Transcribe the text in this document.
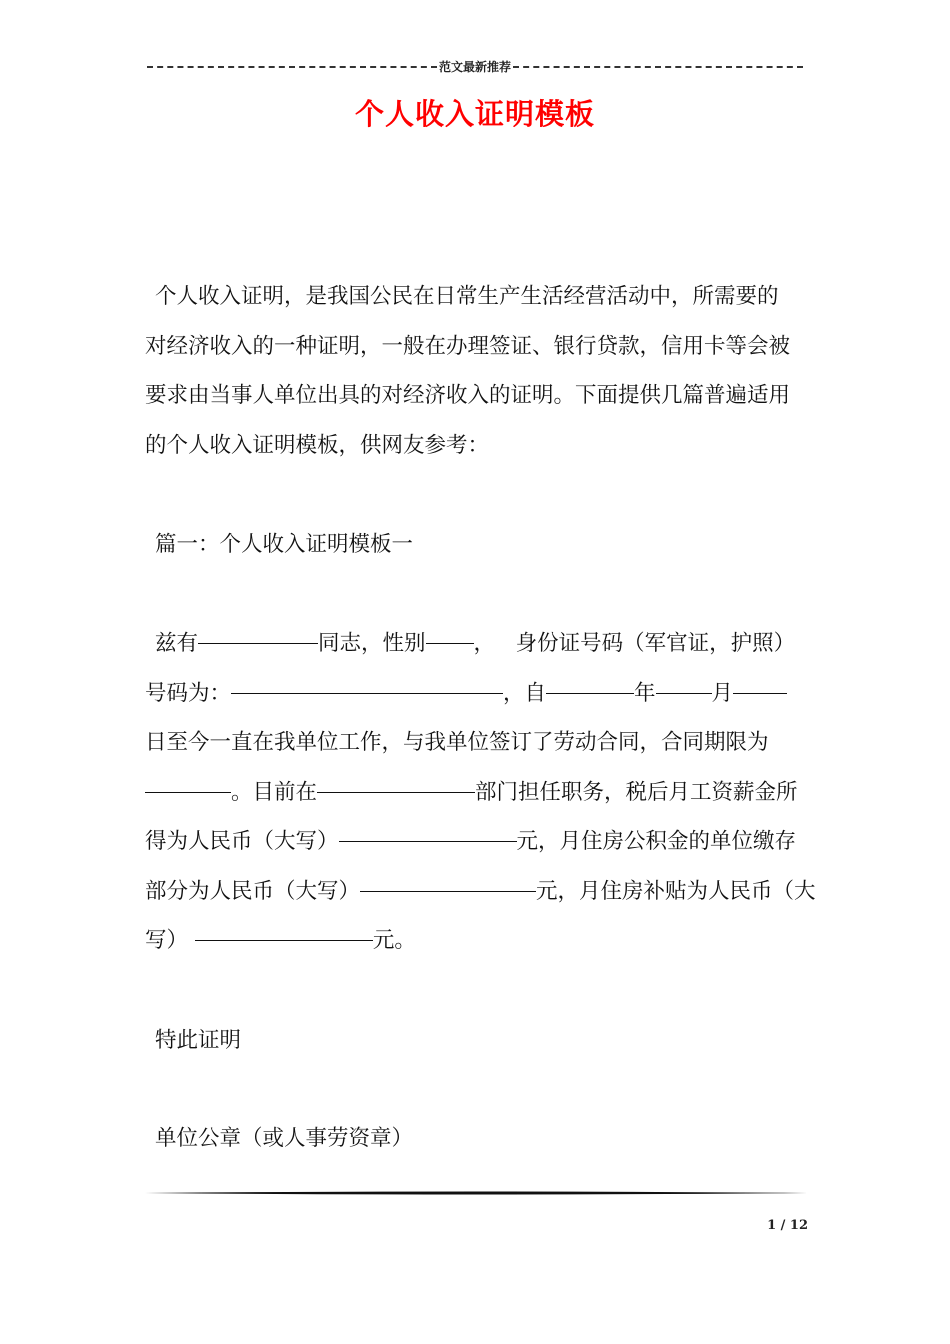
范文最新推荐
个人收入证明模板
个人收入证明，是我国公民在日常生产生活经营活动中，所需要的
对经济收入的一种证明，一般在办理签证、银行贷款，信用卡等会被
要求由当事人单位出具的对经济收入的证明。下面提供几篇普遍适用
的个人收入证明模板，供网友参考：
篇一：个人收入证明模板一
兹有	同志，性别 ， 身份证号码（军官证，护照）
号码为：	，自	年	月
日至今一直在我单位工作，与我单位签订了劳动合同，合同期限为
。目前在	部门担任职务，税后月工资薪金所
得为人民币（大写）	元，月住房公积金的单位缴存
部分为人民币（大写）	元，月住房补贴为人民币（大
写）	元。
特此证明
单位公章（或人事劳资章）
1 / 12
